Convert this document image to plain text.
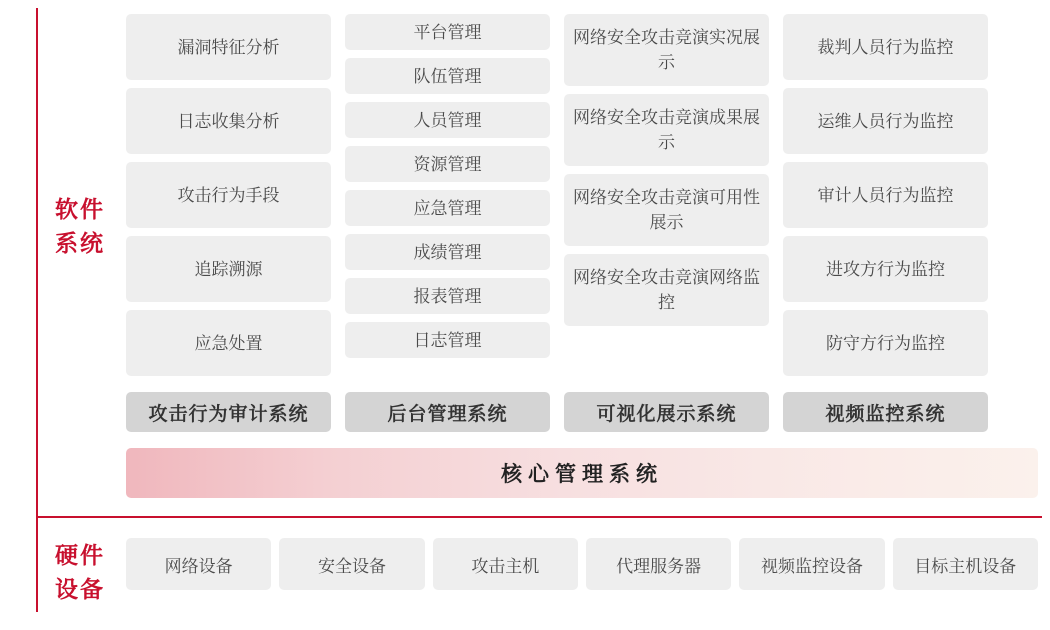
软件
系统
硬件
设备
漏洞特征分析
日志收集分析
攻击行为手段
追踪溯源
应急处置
攻击行为审计系统
平台管理
队伍管理
人员管理
资源管理
应急管理
成绩管理
报表管理
日志管理
后台管理系统
网络安全攻击竞演实况展示
网络安全攻击竞演成果展示
网络安全攻击竞演可用性展示
网络安全攻击竞演网络监控
可视化展示系统
裁判人员行为监控
运维人员行为监控
审计人员行为监控
进攻方行为监控
防守方行为监控
视频监控系统
核心管理系统
网络设备	安全设备	攻击主机	代理服务器	视频监控设备	目标主机设备
